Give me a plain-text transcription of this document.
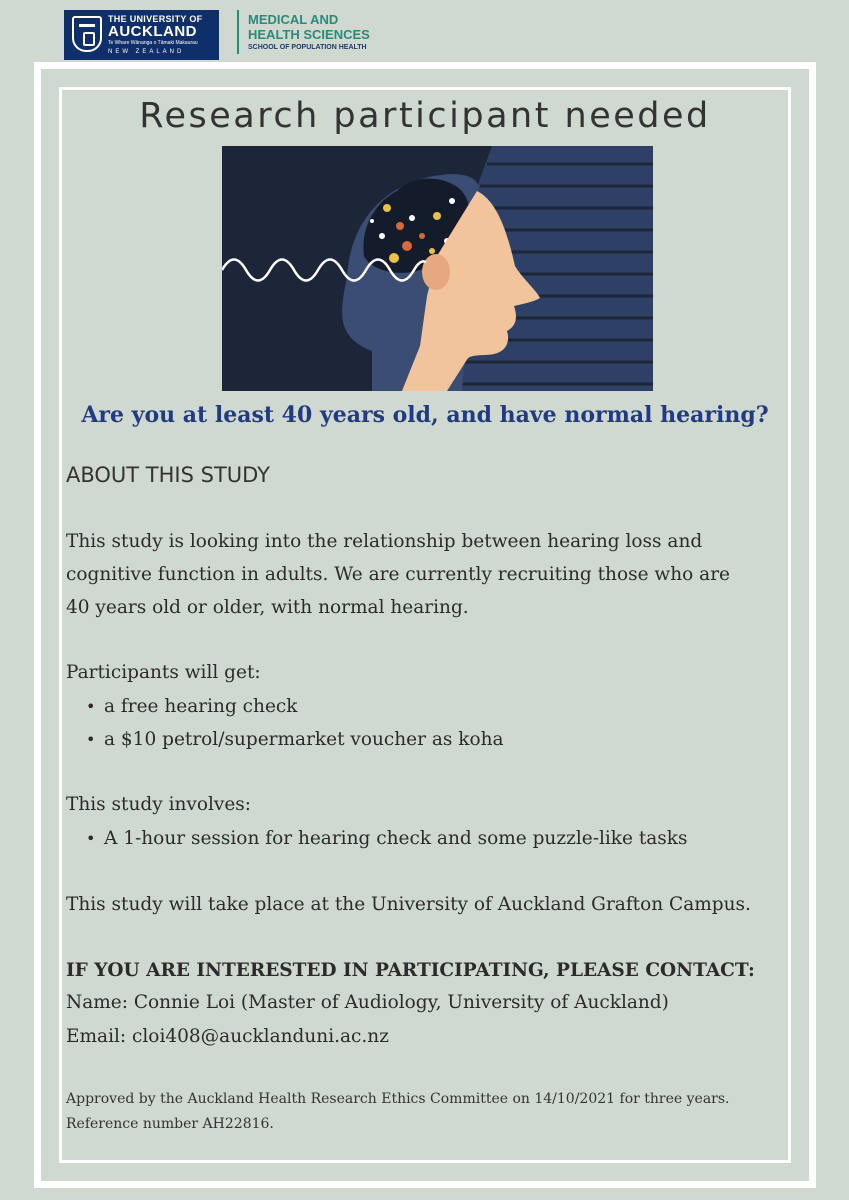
THE UNIVERSITY OF
AUCKLAND
Te Whare Wānanga o Tāmaki Makaurau
NEW ZEALAND
MEDICAL AND
HEALTH SCIENCES
SCHOOL OF POPULATION HEALTH
Research participant needed
Are you at least 40 years old, and have normal hearing?
ABOUT THIS STUDY
This study is looking into the relationship between hearing loss and
cognitive function in adults. We are currently recruiting those who are
40 years old or older, with normal hearing.
Participants will get:
• a free hearing check
• a $10 petrol/supermarket voucher as koha
This study involves:
• A 1-hour session for hearing check and some puzzle-like tasks
This study will take place at the University of Auckland Grafton Campus.
IF YOU ARE INTERESTED IN PARTICIPATING, PLEASE CONTACT:
Name: Connie Loi (Master of Audiology, University of Auckland)
Email: cloi408@aucklanduni.ac.nz
Approved by the Auckland Health Research Ethics Committee on 14/10/2021 for three years.
Reference number AH22816.
